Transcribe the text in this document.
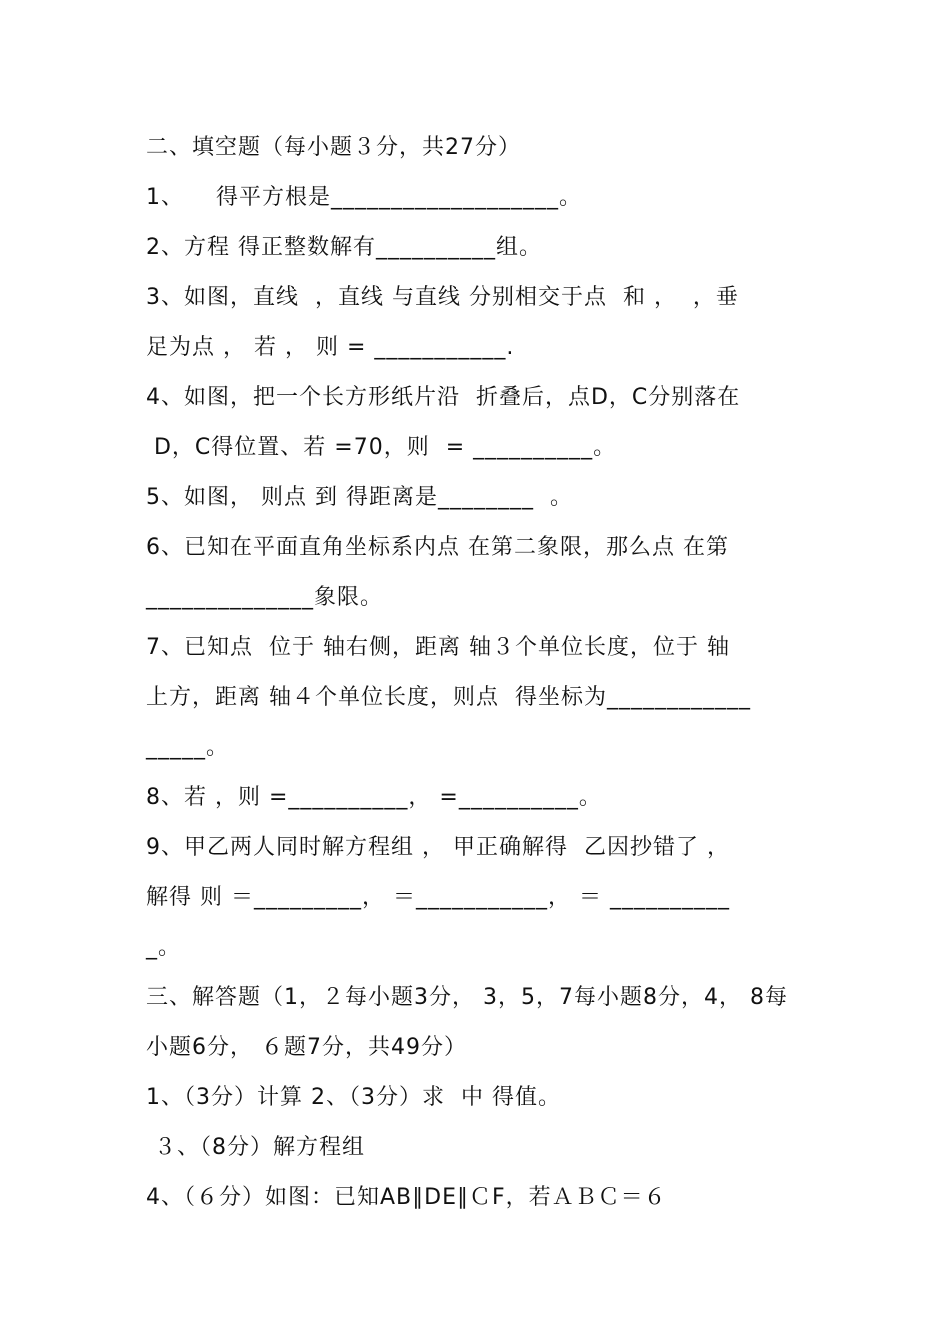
二、填空题（每小题３分，共27分）
1、    得平方根是___________________。
2、方程 得正整数解有__________组。
3、如图，直线  ，直线 与直线 分别相交于点  和 ，  ，垂
足为点 ， 若 ， 则 = ___________.
4、如图，把一个长方形纸片沿  折叠后，点D，C分别落在
D，C得位置、若 =70，则  = __________。
5、如图， 则点 到 得距离是________  。
6、已知在平面直角坐标系内点 在第二象限，那么点 在第
______________象限。
7、已知点  位于 轴右侧，距离 轴３个单位长度，位于 轴
上方，距离 轴４个单位长度，则点  得坐标为____________
_____。
8、若 ，则 =__________， =__________。
9、甲乙两人同时解方程组 ， 甲正确解得  乙因抄错了 ，
解得 则 ＝_________， ＝___________， ＝ __________
_。
三、解答题（1，２每小题3分， 3，5，7每小题8分，4， 8每
小题6分， ６题7分，共49分）
1、（3分）计算 2、（3分）求  中 得值。
３、（8分）解方程组
4、（６分）如图：已知AB∥DE∥ＣF，若ＡＢＣ＝６
